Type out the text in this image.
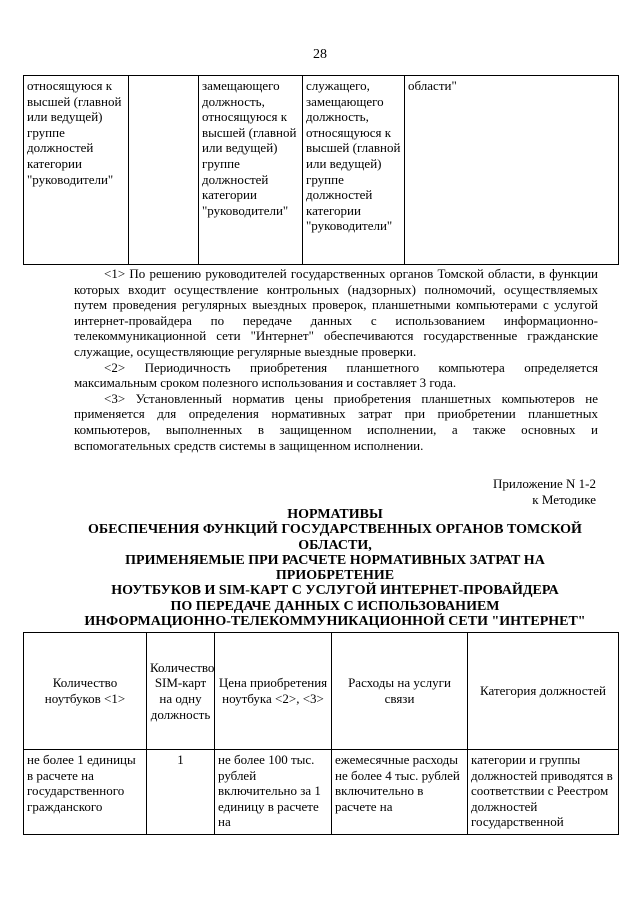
28
относящуюся к высшей (главной или ведущей) группе должностей категории "руководители"		замещающего должность, относящуюся к высшей (главной или ведущей) группе должностей категории "руководители"	служащего, замещающего должность, относящуюся к высшей (главной или ведущей) группе должностей категории "руководители"	области"

<1> По решению руководителей государственных органов Томской области, в функции которых входит осуществление контрольных (надзорных) полномочий, осуществляемых путем проведения регулярных выездных проверок, планшетными компьютерами с услугой интернет-провайдера по передаче данных с использованием информационно-телекоммуникационной сети "Интернет" обеспечиваются государственные гражданские служащие, осуществляющие регулярные выездные проверки.

<2> Периодичность приобретения планшетного компьютера определяется максимальным сроком полезного использования и составляет 3 года.

<3> Установленный норматив цены приобретения планшетных компьютеров не применяется для определения нормативных затрат при приобретении планшетных компьютеров, выполненных в защищенном исполнении, а также основных и вспомогательных средств системы в защищенном исполнении.

Приложение N 1-2
к Методике
НОРМАТИВЫ
ОБЕСПЕЧЕНИЯ ФУНКЦИЙ ГОСУДАРСТВЕННЫХ ОРГАНОВ ТОМСКОЙ
ОБЛАСТИ,
ПРИМЕНЯЕМЫЕ ПРИ РАСЧЕТЕ НОРМАТИВНЫХ ЗАТРАТ НА
ПРИОБРЕТЕНИЕ
НОУТБУКОВ И SIM-КАРТ С УСЛУГОЙ ИНТЕРНЕТ-ПРОВАЙДЕРА
ПО ПЕРЕДАЧЕ ДАННЫХ С ИСПОЛЬЗОВАНИЕМ
ИНФОРМАЦИОННО-ТЕЛЕКОММУНИКАЦИОННОЙ СЕТИ "ИНТЕРНЕТ"
Количество ноутбуков <1>	Количество SIM-карт на одну должность	Цена приобретения ноутбука <2>, <3>	Расходы на услуги связи	Категория должностей

не более 1 единицы в расчете на государственного гражданского	1	не более 100 тыс. рублей включительно за 1 единицу в расчете на	ежемесячные расходы не более 4 тыс. рублей включительно в расчете на	категории и группы должностей приводятся в соответствии с Реестром должностей государственной
